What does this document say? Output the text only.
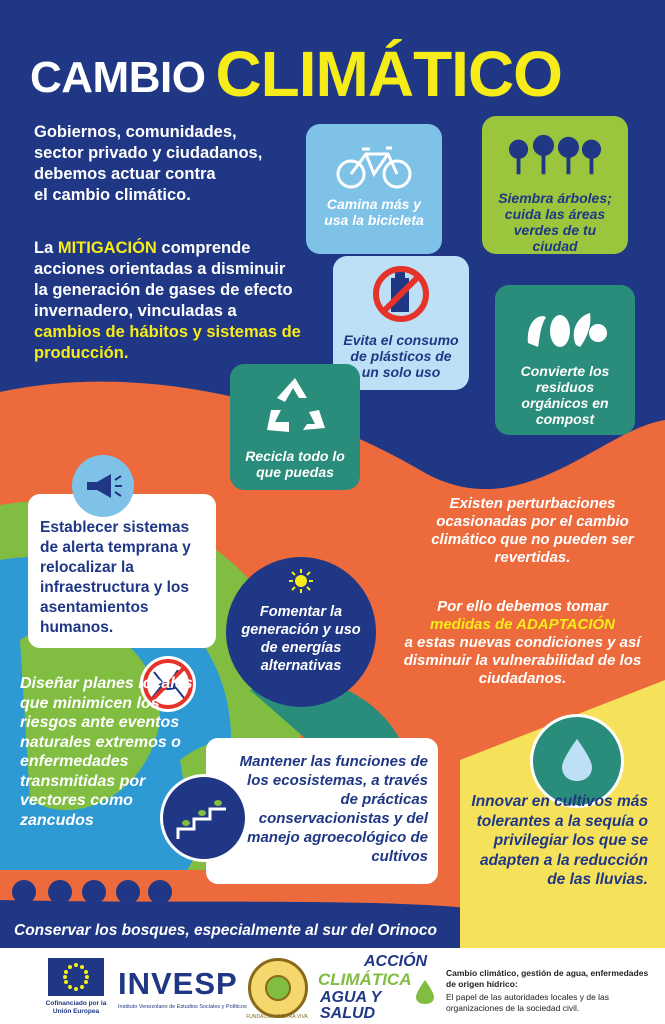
CAMBIO CLIMÁTICO
Gobiernos, comunidades,
sector privado y ciudadanos,
debemos actuar contra
el cambio climático.
La MITIGACIÓN comprende acciones orientadas a disminuir la generación de gases de efecto invernadero, vinculadas a cambios de hábitos y sistemas de producción.
Camina más y usa la bicicleta
Siembra árboles; cuida las áreas verdes de tu ciudad
Evita el consumo de plásticos de un solo uso	Convierte los residuos orgánicos en compost
Recicla todo lo que puedas
Existen perturbaciones ocasionadas por el cambio climático que no pueden ser revertidas.
Por ello debemos tomar
medidas de ADAPTACIÓN
a estas nuevas condiciones y así disminuir la vulnerabilidad de los ciudadanos.
Establecer sistemas de alerta temprana y relocalizar la infraestructura y los asentamientos humanos.
Fomentar la generación y uso de energías alternativas
Diseñar planes locales que minimicen los riesgos ante eventos naturales extremos o enfermedades transmitidas por vectores como zancudos
Mantener las funciones de los ecosistemas, a través de prácticas conservacionistas y del manejo agroecológico de cultivos
Innovar en cultivos más tolerantes a la sequía o privilegiar los que se adapten a la reducción de las lluvias.
Conservar los bosques, especialmente al sur del Orinoco
Cofinanciado por la Unión Europea
INVESP
Instituto Venezolano de Estudios Sociales y Políticos
FUNDACIÓN TIERRA VIVA
ACCIÓN
CLIMÁTICA
AGUA Y SALUD
Cambio climático, gestión de agua, enfermedades de origen hídrico:
El papel de las autoridades locales y de las organizaciones de la sociedad civil.
